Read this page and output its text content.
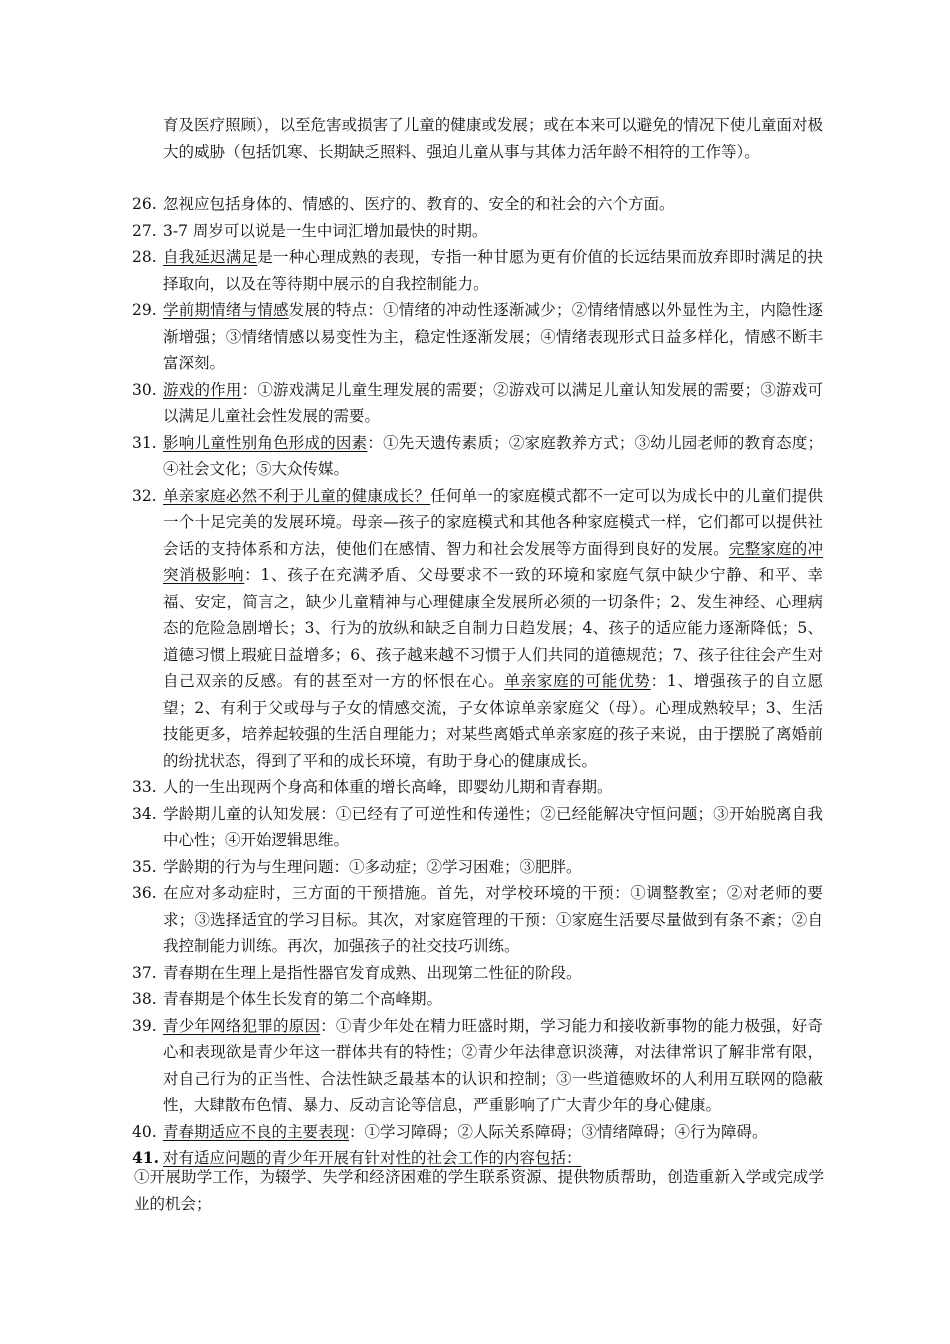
育及医疗照顾），以至危害或损害了儿童的健康或发展；或在本来可以避免的情况下使儿童面对极大的威胁（包括饥寒、长期缺乏照料、强迫儿童从事与其体力活年龄不相符的工作等）。
26. 忽视应包括身体的、情感的、医疗的、教育的、安全的和社会的六个方面。
27. 3-7 周岁可以说是一生中词汇增加最快的时期。
28. 自我延迟满足是一种心理成熟的表现，专指一种甘愿为更有价值的长远结果而放弃即时满足的抉择取向，以及在等待期中展示的自我控制能力。
29. 学前期情绪与情感发展的特点：①情绪的冲动性逐渐减少；②情绪情感以外显性为主，内隐性逐渐增强；③情绪情感以易变性为主，稳定性逐渐发展；④情绪表现形式日益多样化，情感不断丰富深刻。
30. 游戏的作用：①游戏满足儿童生理发展的需要；②游戏可以满足儿童认知发展的需要；③游戏可以满足儿童社会性发展的需要。
31. 影响儿童性别角色形成的因素：①先天遗传素质；②家庭教养方式；③幼儿园老师的教育态度；④社会文化；⑤大众传媒。
32. 单亲家庭必然不利于儿童的健康成长？任何单一的家庭模式都不一定可以为成长中的儿童们提供一个十足完美的发展环境。母亲—孩子的家庭模式和其他各种家庭模式一样，它们都可以提供社会话的支持体系和方法，使他们在感情、智力和社会发展等方面得到良好的发展。完整家庭的冲突消极影响：1、孩子在充满矛盾、父母要求不一致的环境和家庭气氛中缺少宁静、和平、幸福、安定，简言之，缺少儿童精神与心理健康全发展所必须的一切条件；2、发生神经、心理病态的危险急剧增长；3、行为的放纵和缺乏自制力日趋发展；4、孩子的适应能力逐渐降低；5、道德习惯上瑕疵日益增多；6、孩子越来越不习惯于人们共同的道德规范；7、孩子往往会产生对自己双亲的反感。有的甚至对一方的怀恨在心。单亲家庭的可能优势：1、增强孩子的自立愿望；2、有利于父或母与子女的情感交流，子女体谅单亲家庭父（母）。心理成熟较早；3、生活技能更多，培养起较强的生活自理能力；对某些离婚式单亲家庭的孩子来说，由于摆脱了离婚前的纷扰状态，得到了平和的成长环境，有助于身心的健康成长。
33. 人的一生出现两个身高和体重的增长高峰，即婴幼儿期和青春期。
34. 学龄期儿童的认知发展：①已经有了可逆性和传递性；②已经能解决守恒问题；③开始脱离自我中心性；④开始逻辑思维。
35. 学龄期的行为与生理问题：①多动症；②学习困难；③肥胖。
36. 在应对多动症时，三方面的干预措施。首先，对学校环境的干预：①调整教室；②对老师的要求；③选择适宜的学习目标。其次，对家庭管理的干预：①家庭生活要尽量做到有条不紊；②自我控制能力训练。再次，加强孩子的社交技巧训练。
37. 青春期在生理上是指性器官发育成熟、出现第二性征的阶段。
38. 青春期是个体生长发育的第二个高峰期。
39. 青少年网络犯罪的原因：①青少年处在精力旺盛时期，学习能力和接收新事物的能力极强，好奇心和表现欲是青少年这一群体共有的特性；②青少年法律意识淡薄，对法律常识了解非常有限，对自己行为的正当性、合法性缺乏最基本的认识和控制；③一些道德败坏的人利用互联网的隐蔽性，大肆散布色情、暴力、反动言论等信息，严重影响了广大青少年的身心健康。
40. 青春期适应不良的主要表现：①学习障碍；②人际关系障碍；③情绪障碍；④行为障碍。
41. 对有适应问题的青少年开展有针对性的社会工作的内容包括：
①开展助学工作，为辍学、失学和经济困难的学生联系资源、提供物质帮助，创造重新入学或完成学业的机会；
